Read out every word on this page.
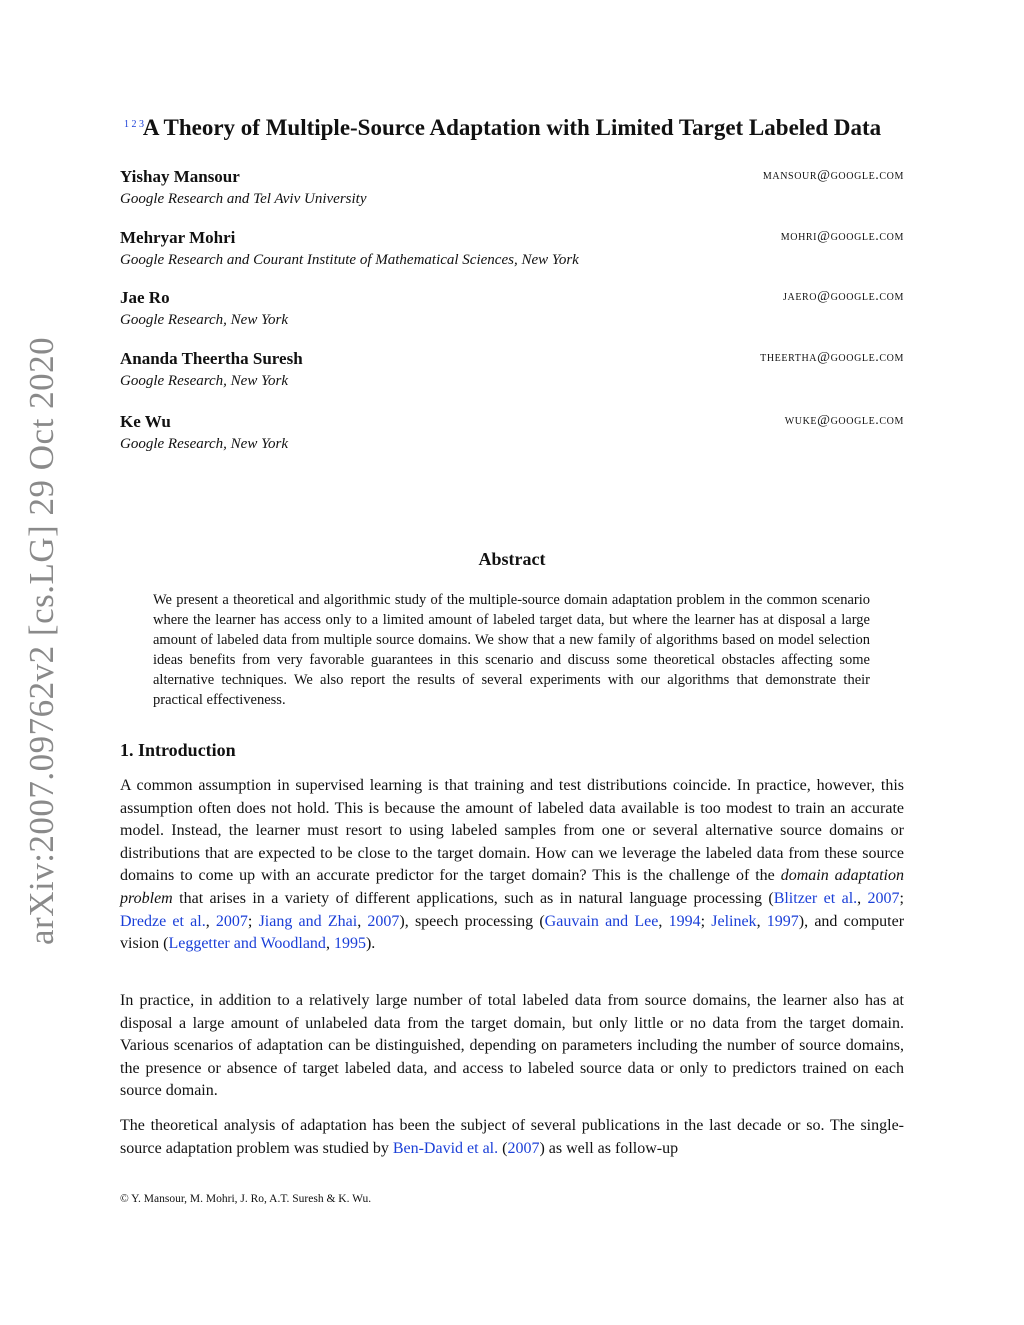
arXiv:2007.09762v2 [cs.LG] 29 Oct 2020
1 2 3
A Theory of Multiple-Source Adaptation with Limited Target Labeled Data
Yishay Mansour	mansour@google.com
Google Research and Tel Aviv University
Mehryar Mohri	mohri@google.com
Google Research and Courant Institute of Mathematical Sciences, New York
Jae Ro	jaero@google.com
Google Research, New York
Ananda Theertha Suresh	theertha@google.com
Google Research, New York
Ke Wu	wuke@google.com
Google Research, New York
Abstract
We present a theoretical and algorithmic study of the multiple-source domain adaptation problem in the common scenario where the learner has access only to a limited amount of labeled target data, but where the learner has at disposal a large amount of labeled data from multiple source domains. We show that a new family of algorithms based on model selection ideas benefits from very favorable guarantees in this scenario and discuss some theoretical obstacles affecting some alternative techniques. We also report the results of several experiments with our algorithms that demonstrate their practical effectiveness.
1. Introduction

A common assumption in supervised learning is that training and test distributions coincide. In practice, however, this assumption often does not hold. This is because the amount of labeled data available is too modest to train an accurate model. Instead, the learner must resort to using labeled samples from one or several alternative source domains or distributions that are expected to be close to the target domain. How can we leverage the labeled data from these source domains to come up with an accurate predictor for the target domain? This is the challenge of the domain adaptation problem that arises in a variety of different applications, such as in natural language processing (Blitzer et al., 2007; Dredze et al., 2007; Jiang and Zhai, 2007), speech processing (Gauvain and Lee, 1994; Jelinek, 1997), and computer vision (Leggetter and Woodland, 1995).

In practice, in addition to a relatively large number of total labeled data from source domains, the learner also has at disposal a large amount of unlabeled data from the target domain, but only little or no data from the target domain. Various scenarios of adaptation can be distinguished, depending on parameters including the number of source domains, the presence or absence of target labeled data, and access to labeled source data or only to predictors trained on each source domain.

The theoretical analysis of adaptation has been the subject of several publications in the last decade or so. The single-source adaptation problem was studied by Ben-David et al. (2007) as well as follow-up

© Y. Mansour, M. Mohri, J. Ro, A.T. Suresh & K. Wu.
